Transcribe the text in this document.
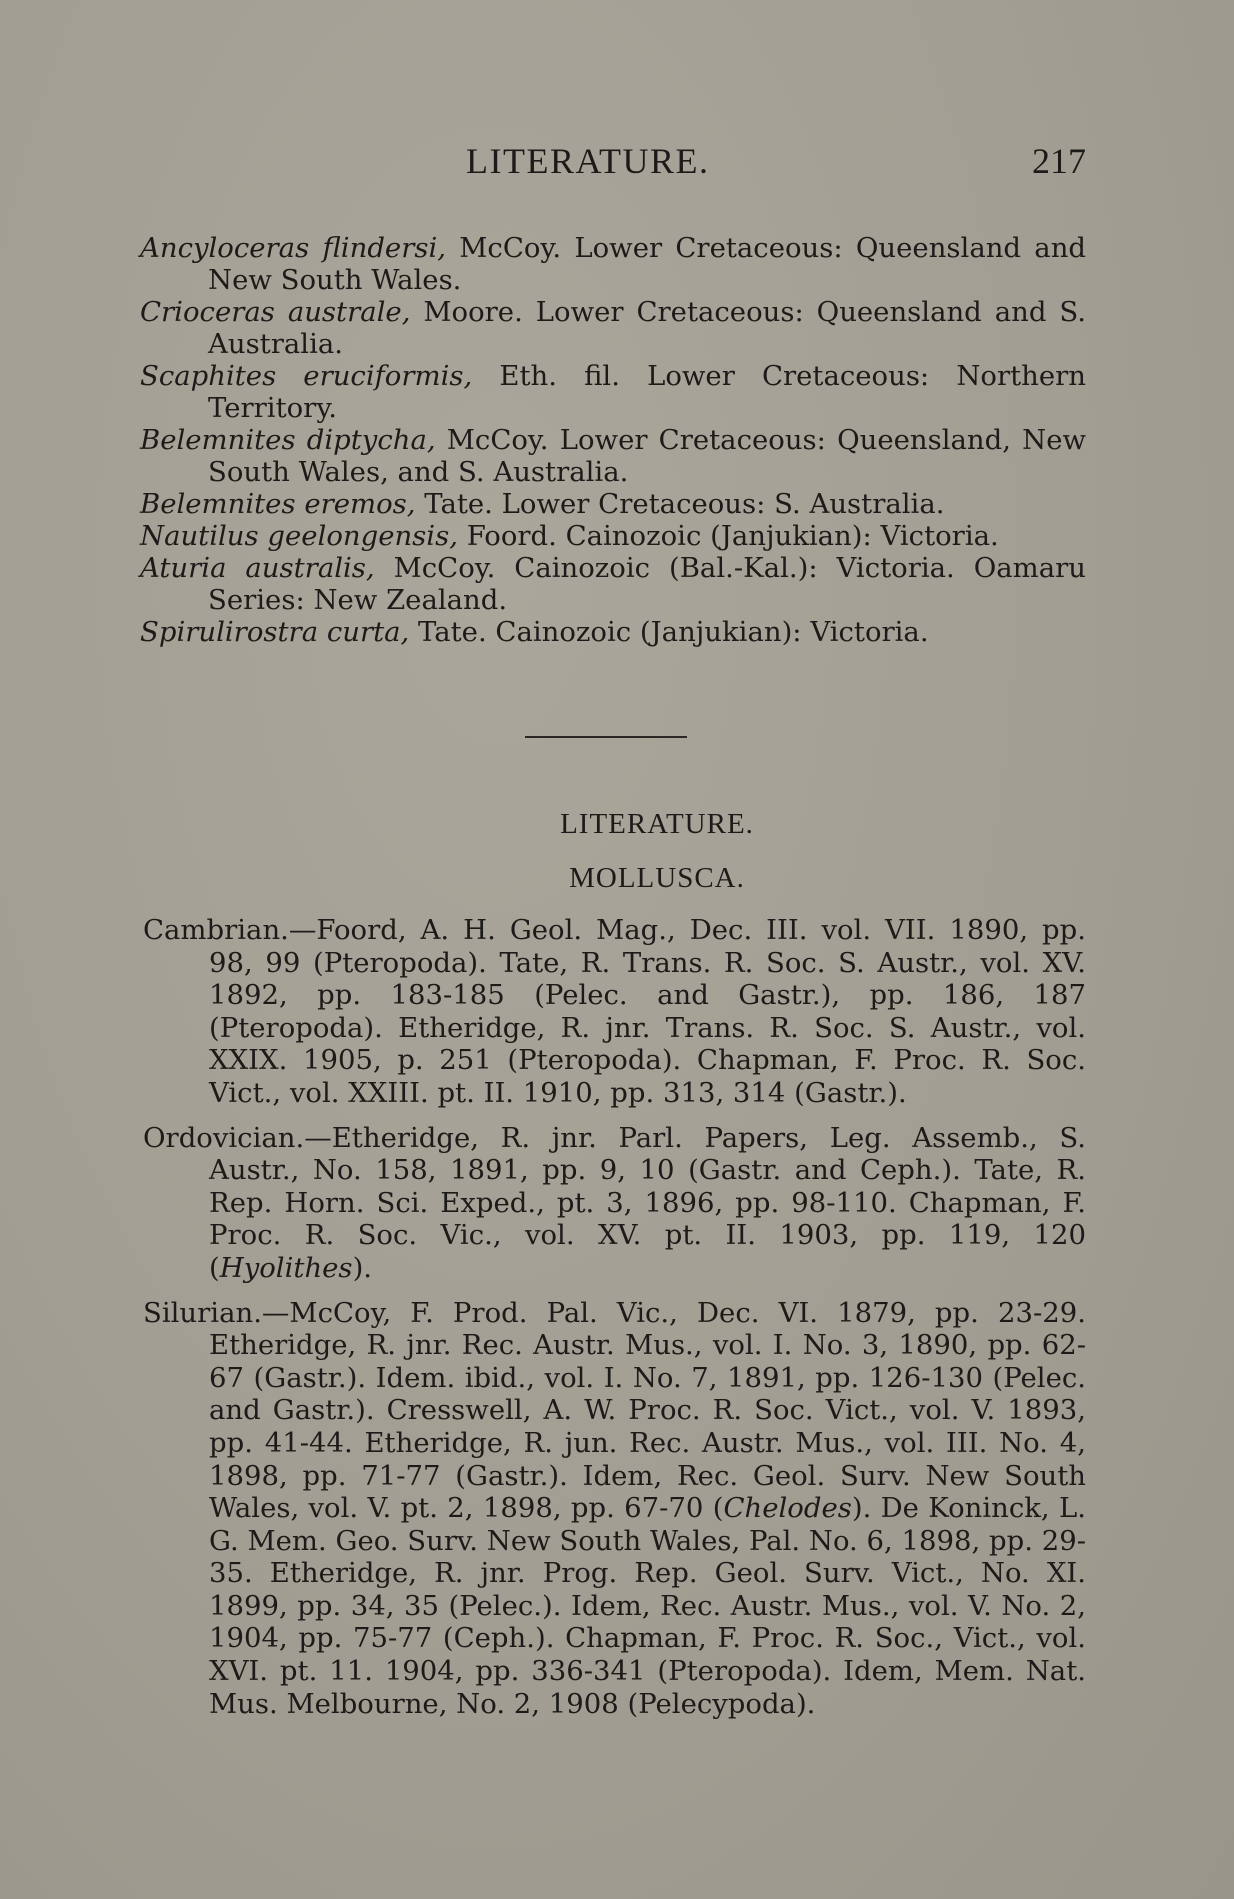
LITERATURE.	217

Ancyloceras flindersi, McCoy. Lower Cretaceous: Queensland and New South Wales.

Crioceras australe, Moore. Lower Cretaceous: Queensland and S. Australia.

Scaphites eruciformis, Eth. fil. Lower Cretaceous: Northern Territory.

Belemnites diptycha, McCoy. Lower Cretaceous: Queensland, New South Wales, and S. Australia.

Belemnites eremos, Tate. Lower Cretaceous: S. Australia.

Nautilus geelongensis, Foord. Cainozoic (Janjukian): Victoria.

Aturia australis, McCoy. Cainozoic (Bal.-Kal.): Victoria. Oamaru Series: New Zealand.

Spirulirostra curta, Tate. Cainozoic (Janjukian): Victoria.

LITERATURE.
MOLLUSCA.

Cambrian.—Foord, A. H. Geol. Mag., Dec. III. vol. VII. 1890, pp. 98, 99 (Pteropoda). Tate, R. Trans. R. Soc. S. Austr., vol. XV. 1892, pp. 183-185 (Pelec. and Gastr.), pp. 186, 187 (Pteropoda). Etheridge, R. jnr. Trans. R. Soc. S. Austr., vol. XXIX. 1905, p. 251 (Pteropoda). Chapman, F. Proc. R. Soc. Vict., vol. XXIII. pt. II. 1910, pp. 313, 314 (Gastr.).

Ordovician.—Etheridge, R. jnr. Parl. Papers, Leg. Assemb., S. Austr., No. 158, 1891, pp. 9, 10 (Gastr. and Ceph.). Tate, R. Rep. Horn. Sci. Exped., pt. 3, 1896, pp. 98-110. Chapman, F. Proc. R. Soc. Vic., vol. XV. pt. II. 1903, pp. 119, 120 (Hyolithes).

Silurian.—McCoy, F. Prod. Pal. Vic., Dec. VI. 1879, pp. 23-29. Etheridge, R. jnr. Rec. Austr. Mus., vol. I. No. 3, 1890, pp. 62-67 (Gastr.). Idem. ibid., vol. I. No. 7, 1891, pp. 126-130 (Pelec. and Gastr.). Cresswell, A. W. Proc. R. Soc. Vict., vol. V. 1893, pp. 41-44. Etheridge, R. jun. Rec. Austr. Mus., vol. III. No. 4, 1898, pp. 71-77 (Gastr.). Idem, Rec. Geol. Surv. New South Wales, vol. V. pt. 2, 1898, pp. 67-70 (Chelodes). De Koninck, L. G. Mem. Geo. Surv. New South Wales, Pal. No. 6, 1898, pp. 29-35. Etheridge, R. jnr. Prog. Rep. Geol. Surv. Vict., No. XI. 1899, pp. 34, 35 (Pelec.). Idem, Rec. Austr. Mus., vol. V. No. 2, 1904, pp. 75-77 (Ceph.). Chapman, F. Proc. R. Soc., Vict., vol. XVI. pt. 11. 1904, pp. 336-341 (Pteropoda). Idem, Mem. Nat. Mus. Melbourne, No. 2, 1908 (Pelecypoda).
